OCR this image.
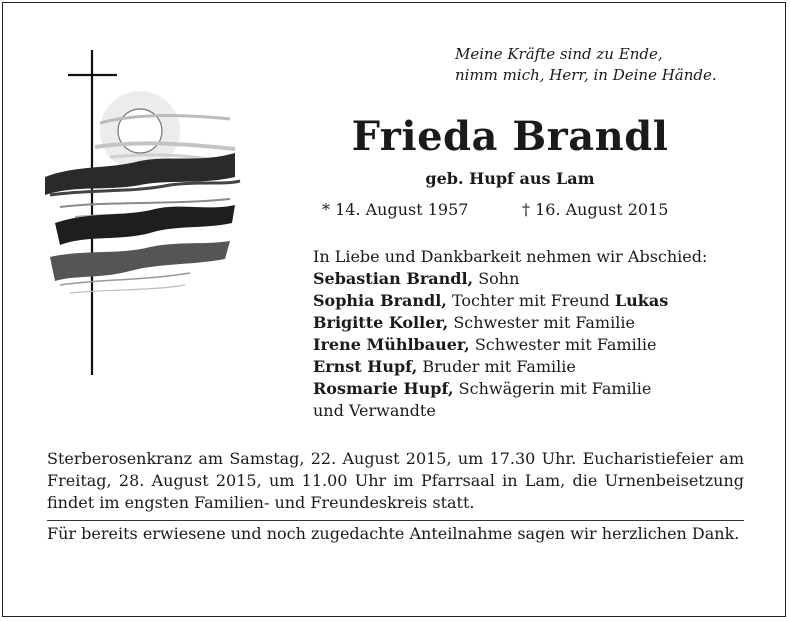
Meine Kräfte sind zu Ende,
nimm mich, Herr, in Deine Hände.
Frieda Brandl
geb. Hupf aus Lam
* 14. August 1957	† 16. August 2015
In Liebe und Dankbarkeit nehmen wir Abschied:
Sebastian Brandl, Sohn
Sophia Brandl, Tochter mit Freund Lukas
Brigitte Koller, Schwester mit Familie
Irene Mühlbauer, Schwester mit Familie
Ernst Hupf, Bruder mit Familie
Rosmarie Hupf, Schwägerin mit Familie
und Verwandte
Sterberosenkranz am Samstag, 22. August 2015, um 17.30 Uhr. Eucharistiefeier am Freitag, 28. August 2015, um 11.00 Uhr im Pfarrsaal in Lam, die Urnenbeisetzung findet im engsten Familien- und Freundeskreis statt.
Für bereits erwiesene und noch zugedachte Anteilnahme sagen wir herzlichen Dank.
